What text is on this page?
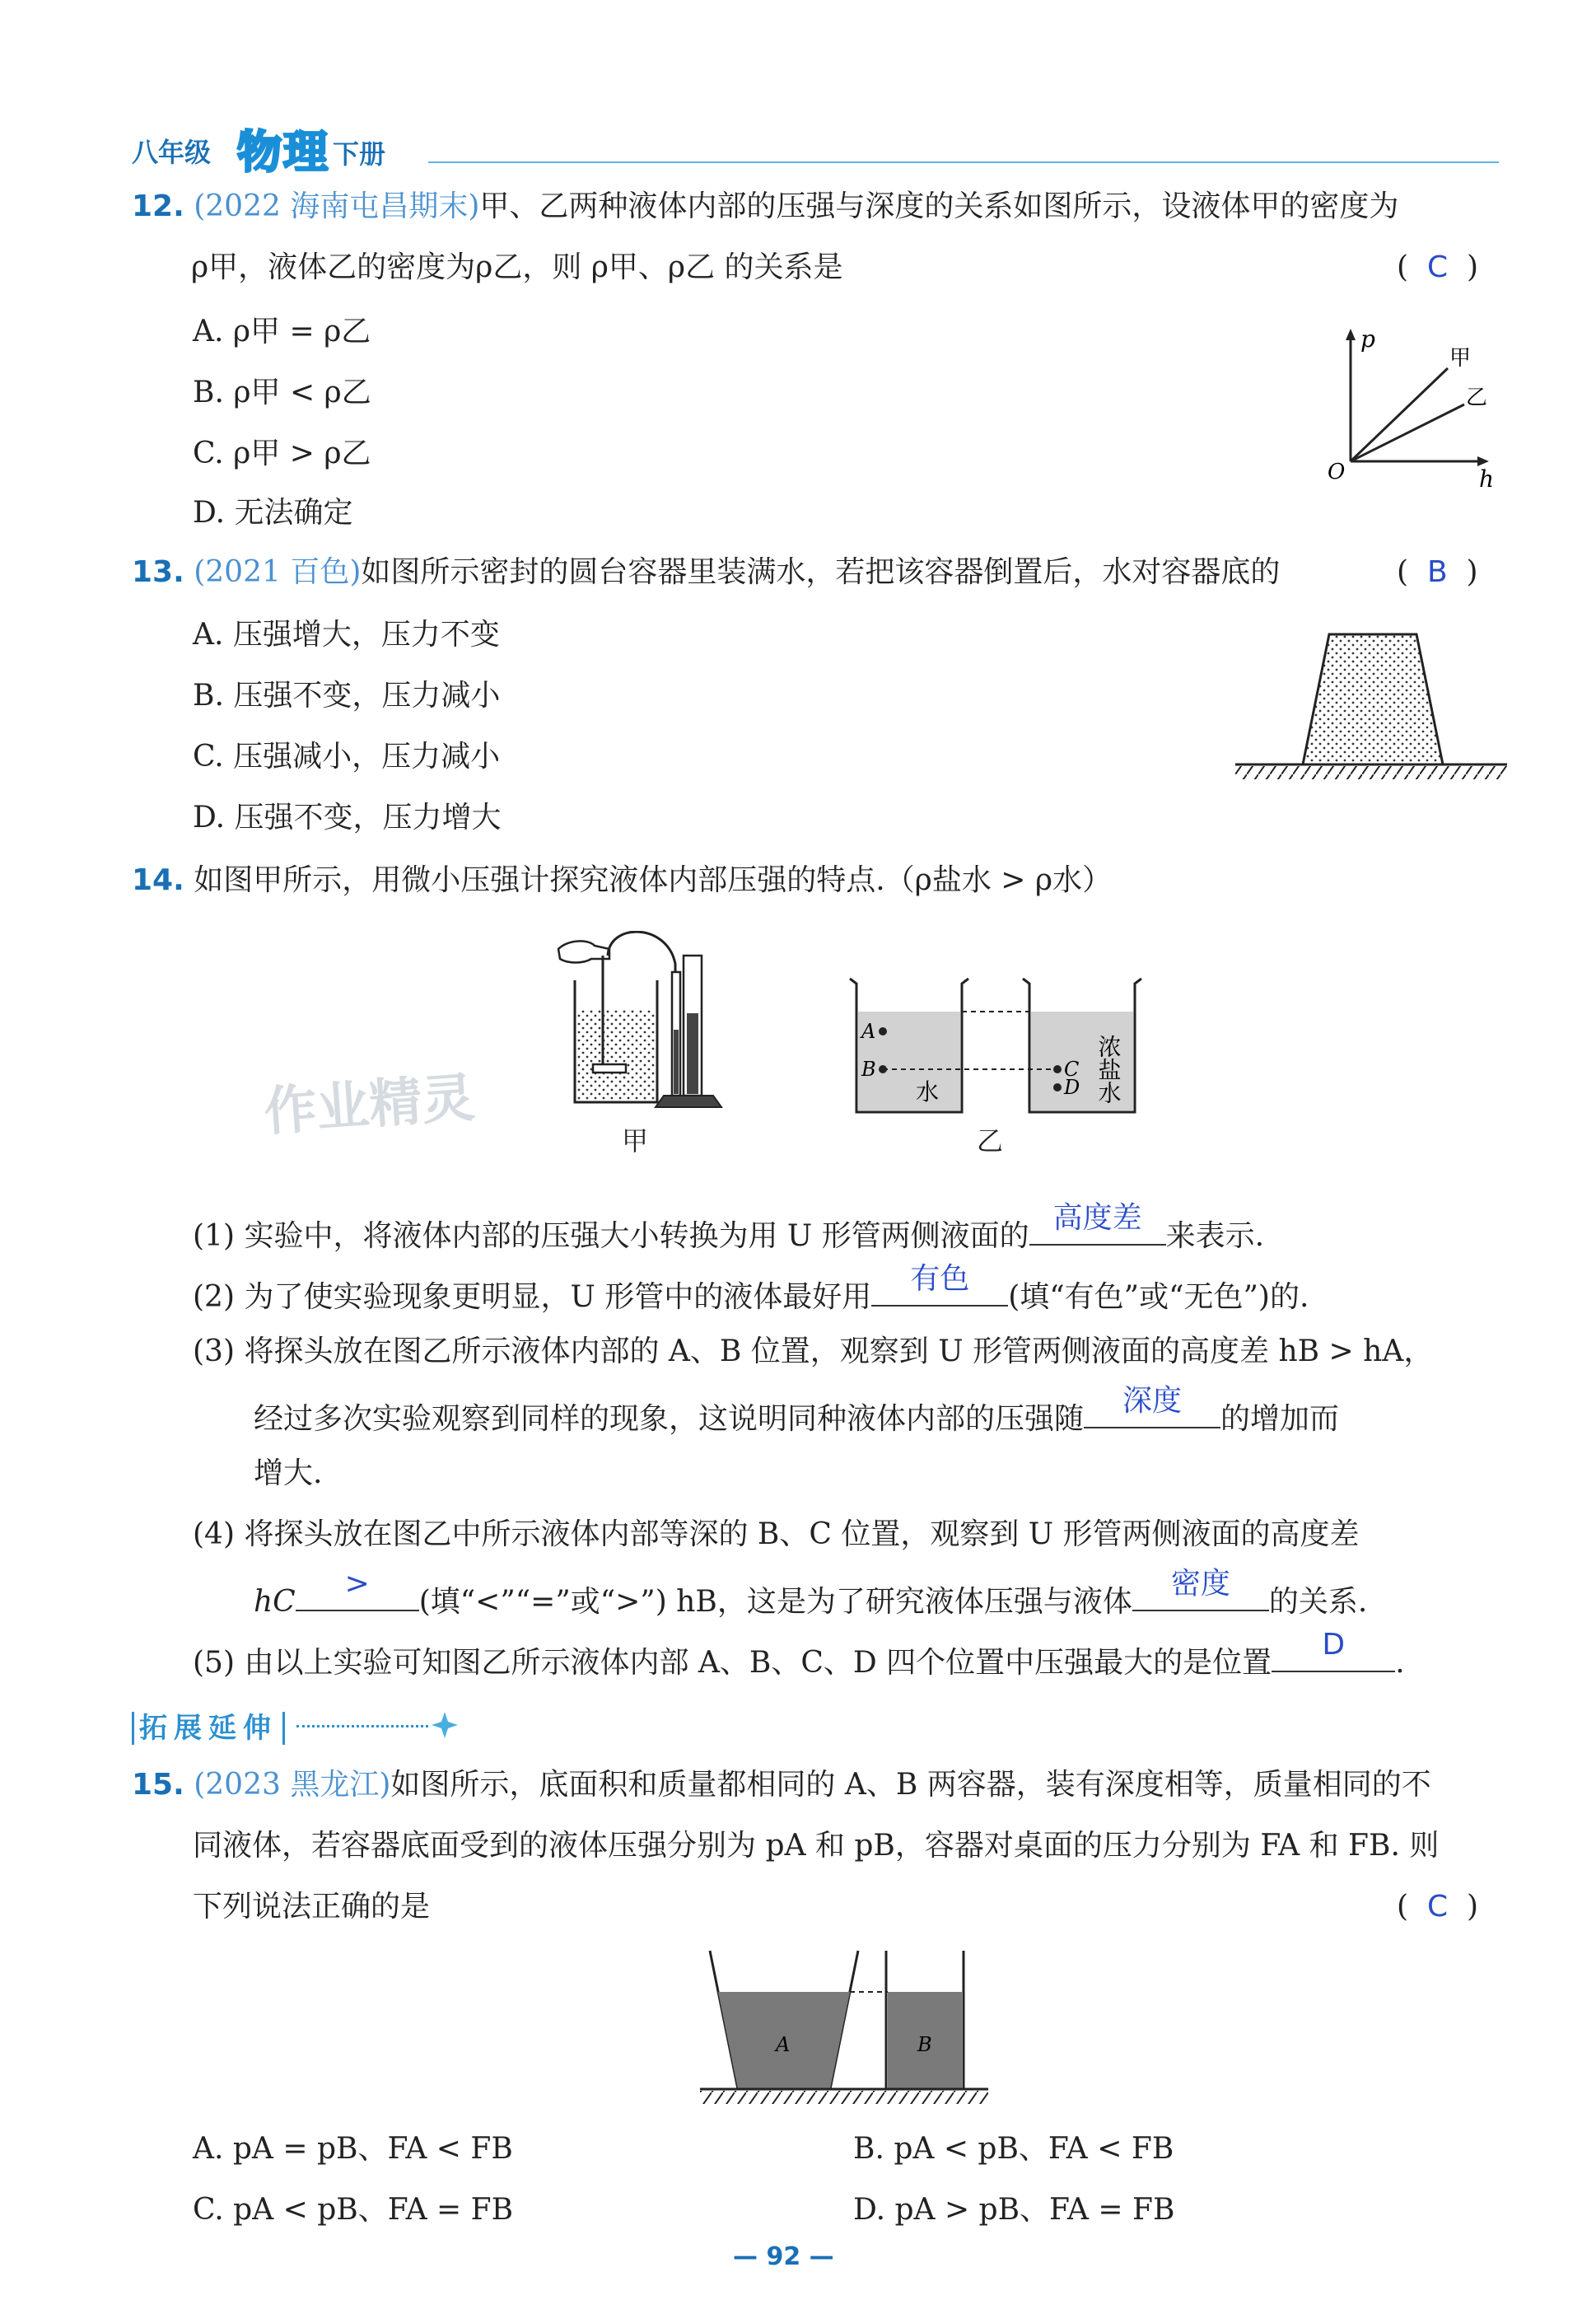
八年级 物理 下册
12. (2022 海南屯昌期末)甲、乙两种液体内部的压强与深度的关系如图所示，设液体甲的密度为
ρ甲，液体乙的密度为ρ乙，则 ρ甲、ρ乙 的关系是	(  C  )
A. ρ甲 = ρ乙
B. ρ甲 < ρ乙
C. ρ甲 > ρ乙
D. 无法确定
p
h
O
甲
乙
13. (2021 百色)如图所示密封的圆台容器里装满水，若把该容器倒置后，水对容器底的	(  B  )
A. 压强增大，压力不变
B. 压强不变，压力减小
C. 压强减小，压力减小
D. 压强不变，压力增大
14. 如图甲所示，用微小压强计探究液体内部压强的特点.（ρ盐水 > ρ水）
甲
A
B	C
D
水	浓盐水
乙
作业精灵
(1) 实验中，将液体内部的压强大小转换为用 U 形管两侧液面的
高度差
来表示.
(2) 为了使实验现象更明显，U 形管中的液体最好用
有色
(填“有色”或“无色”)的.
(3) 将探头放在图乙所示液体内部的 A、B 位置，观察到 U 形管两侧液面的高度差 hB > hA，
经过多次实验观察到同样的现象，这说明同种液体内部的压强随
深度
的增加而
增大.
(4) 将探头放在图乙中所示液体内部等深的 B、C 位置，观察到 U 形管两侧液面的高度差
hC
>
(填“<”“=”或“>”) hB，这是为了研究液体压强与液体
密度
的关系.
(5) 由以上实验可知图乙所示液体内部 A、B、C、D 四个位置中压强最大的是位置
D
.
拓展延伸
15. (2023 黑龙江)如图所示，底面积和质量都相同的 A、B 两容器，装有深度相等，质量相同的不
同液体，若容器底面受到的液体压强分别为 pA 和 pB，容器对桌面的压力分别为 FA 和 FB. 则
下列说法正确的是	(  C  )
A	B
A. pA = pB、FA < FB	B. pA < pB、FA < FB
C. pA < pB、FA = FB	D. pA > pB、FA = FB
— 92 —
